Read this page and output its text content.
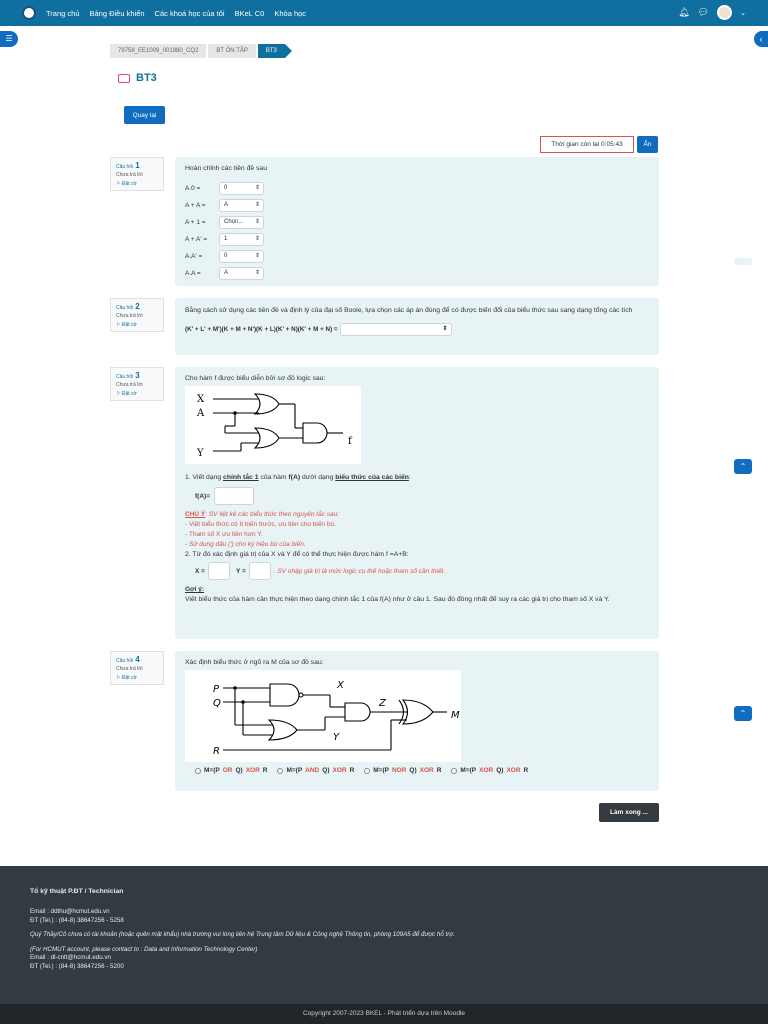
Trang chủ Bảng Điều khiển Các khoá học của tôi BKeL C0 Khóa học	🔔︎ 💬︎	⌄
☰	‹
79758_EE1009_001980_CQ2	BT ÔN TẬP	BT3
BT3
Quay lại
Thời gian còn lại 0:05:43	Ẩn
Câu hỏi 1
Chưa trả lời
⚐ Đặt cờ
Hoàn chỉnh các tiên đề sau
A.0 =	0 ⇕
A + A =	A ⇕
A + 1 =	Chọn... ⇕
A + A' =	1 ⇕
A.A' =	0 ⇕
A.A =	A ⇕
Câu hỏi 2
Chưa trả lời
⚐ Đặt cờ
Bằng cách sử dụng các tiên đề và định lý của đại số Boole, lựa chọn các áp án đúng để có được biến đổi của biểu thức sau sang dạng tổng các tích
(K' + L' + M')(K + M + N')(K + L)(K' + N)(K' + M + N) =
⇕
Câu hỏi 3
Chưa trả lời
⚐ Đặt cờ
Cho hàm f được biểu diễn bởi sơ đồ logic sau:
X
A
Y
f
1. Viết dạng chính tắc 1 của hàm f(A) dưới dạng biểu thức của các biến:
f(A)=
CHÚ Ý: SV liệt kê các biểu thức theo nguyên tắc sau:
- Viết biểu thức có ít biến trước, ưu tiên cho biến bù.
- Tham số X ưu tiên hơn Y.
- Sử dụng dấu (') cho ký hiệu bù của biến.
2. Từ đó xác định giá trị của X và Y để có thể thực hiện được hàm f =A+B:
X =	Y =	. SV nhập giá trị là mức logic cụ thể hoặc tham số cần thiết.
Gợi ý:
Viết biểu thức của hàm cần thực hiện theo dạng chính tắc 1 của f(A) như ở câu 1. Sau đó đồng nhất để suy ra các giá trị cho tham số X và Y.
Câu hỏi 4
Chưa trả lời
⚐ Đặt cờ
Xác định biểu thức ở ngõ ra M của sơ đồ sau:
P
Q
R
X
Z
Y
M
M=(P OR Q) XOR R
	M=(P AND Q) XOR R
	M=(P NOR Q) XOR R
	M=(P XOR Q) XOR R
Làm xong ...
⌃
⌃
Tổ kỹ thuật P.ĐT / Technician
Email : ddthu@hcmut.edu.vn
ĐT (Tel.) : (84-8) 38647256 - 5258
Quý Thầy/Cô chưa có tài khoản (hoặc quên mật khẩu) nhà trường vui lòng liên hệ Trung tâm Dữ liệu & Công nghệ Thông tin, phòng 109A5 để được hỗ trợ.
(For HCMUT account, please contact to : Data and Information Technology Center)
Email : dl-cntt@hcmut.edu.vn
ĐT (Tel.) : (84-8) 38647256 - 5200
Copyright 2007-2023 BKEL - Phát triển dựa trên Moodle
